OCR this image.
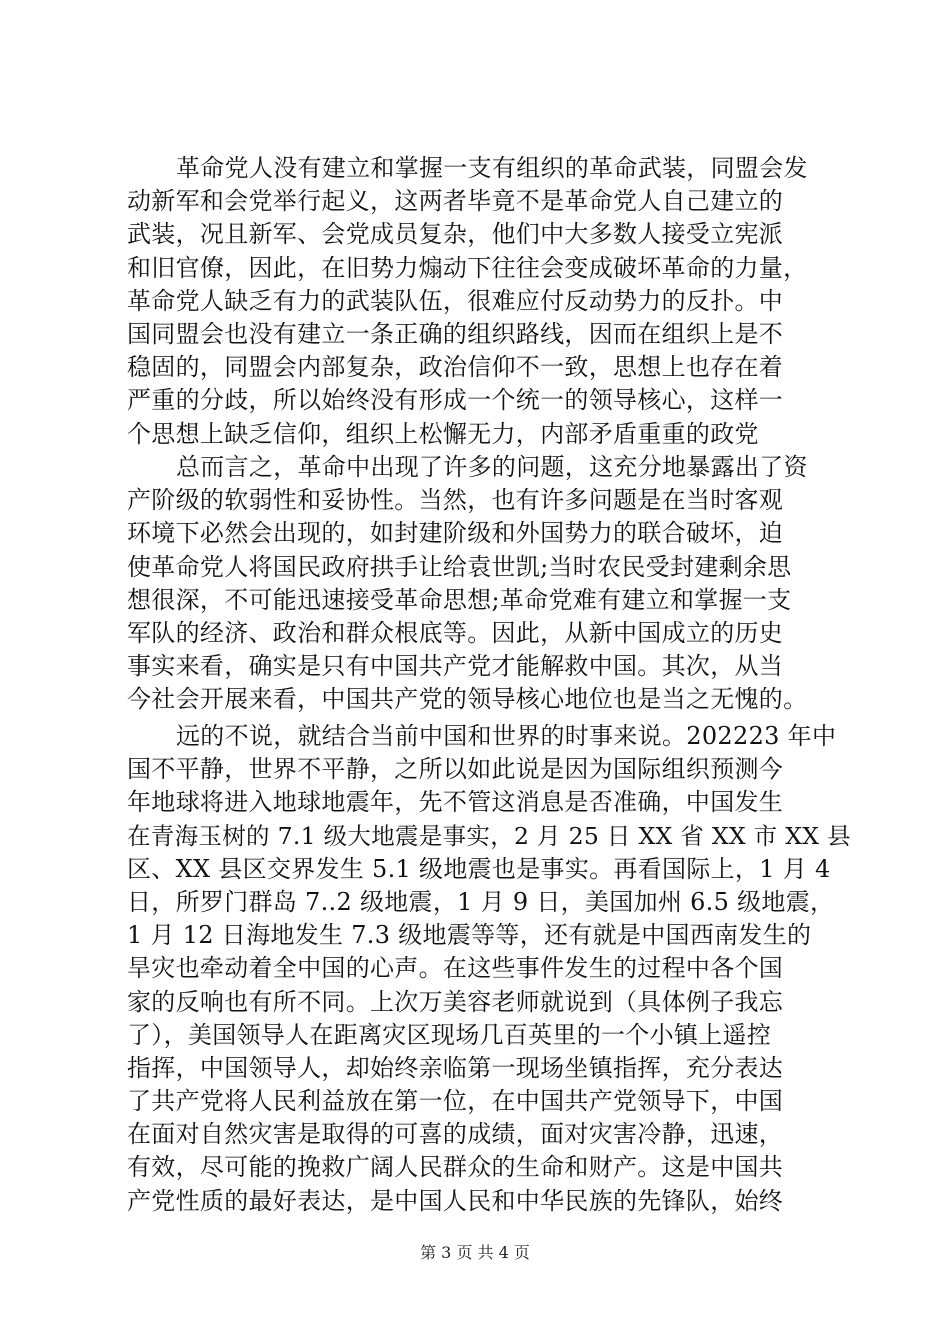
革命党人没有建立和掌握一支有组织的革命武装，同盟会发
动新军和会党举行起义，这两者毕竟不是革命党人自己建立的
武装，况且新军、会党成员复杂，他们中大多数人接受立宪派
和旧官僚，因此，在旧势力煽动下往往会变成破坏革命的力量，
革命党人缺乏有力的武装队伍，很难应付反动势力的反扑。中
国同盟会也没有建立一条正确的组织路线，因而在组织上是不
稳固的，同盟会内部复杂，政治信仰不一致，思想上也存在着
严重的分歧，所以始终没有形成一个统一的领导核心，这样一
个思想上缺乏信仰，组织上松懈无力，内部矛盾重重的政党
总而言之，革命中出现了许多的问题，这充分地暴露出了资
产阶级的软弱性和妥协性。当然，也有许多问题是在当时客观
环境下必然会出现的，如封建阶级和外国势力的联合破坏，迫
使革命党人将国民政府拱手让给袁世凯;当时农民受封建剩余思
想很深，不可能迅速接受革命思想;革命党难有建立和掌握一支
军队的经济、政治和群众根底等。因此，从新中国成立的历史
事实来看，确实是只有中国共产党才能解救中国。其次，从当
今社会开展来看，中国共产党的领导核心地位也是当之无愧的。
远的不说，就结合当前中国和世界的时事来说。202223 年中
国不平静，世界不平静，之所以如此说是因为国际组织预测今
年地球将进入地球地震年，先不管这消息是否准确，中国发生
在青海玉树的 7.1 级大地震是事实，2 月 25 日 XX 省 XX 市 XX 县
区、XX 县区交界发生 5.1 级地震也是事实。再看国际上，1 月 4
日，所罗门群岛 7..2 级地震，1 月 9 日，美国加州 6.5 级地震，
1 月 12 日海地发生 7.3 级地震等等，还有就是中国西南发生的
旱灾也牵动着全中国的心声。在这些事件发生的过程中各个国
家的反响也有所不同。上次万美容老师就说到（具体例子我忘
了），美国领导人在距离灾区现场几百英里的一个小镇上遥控
指挥，中国领导人，却始终亲临第一现场坐镇指挥，充分表达
了共产党将人民利益放在第一位，在中国共产党领导下，中国
在面对自然灾害是取得的可喜的成绩，面对灾害冷静，迅速，
有效，尽可能的挽救广阔人民群众的生命和财产。这是中国共
产党性质的最好表达，是中国人民和中华民族的先锋队，始终
第 3 页 共 4 页
